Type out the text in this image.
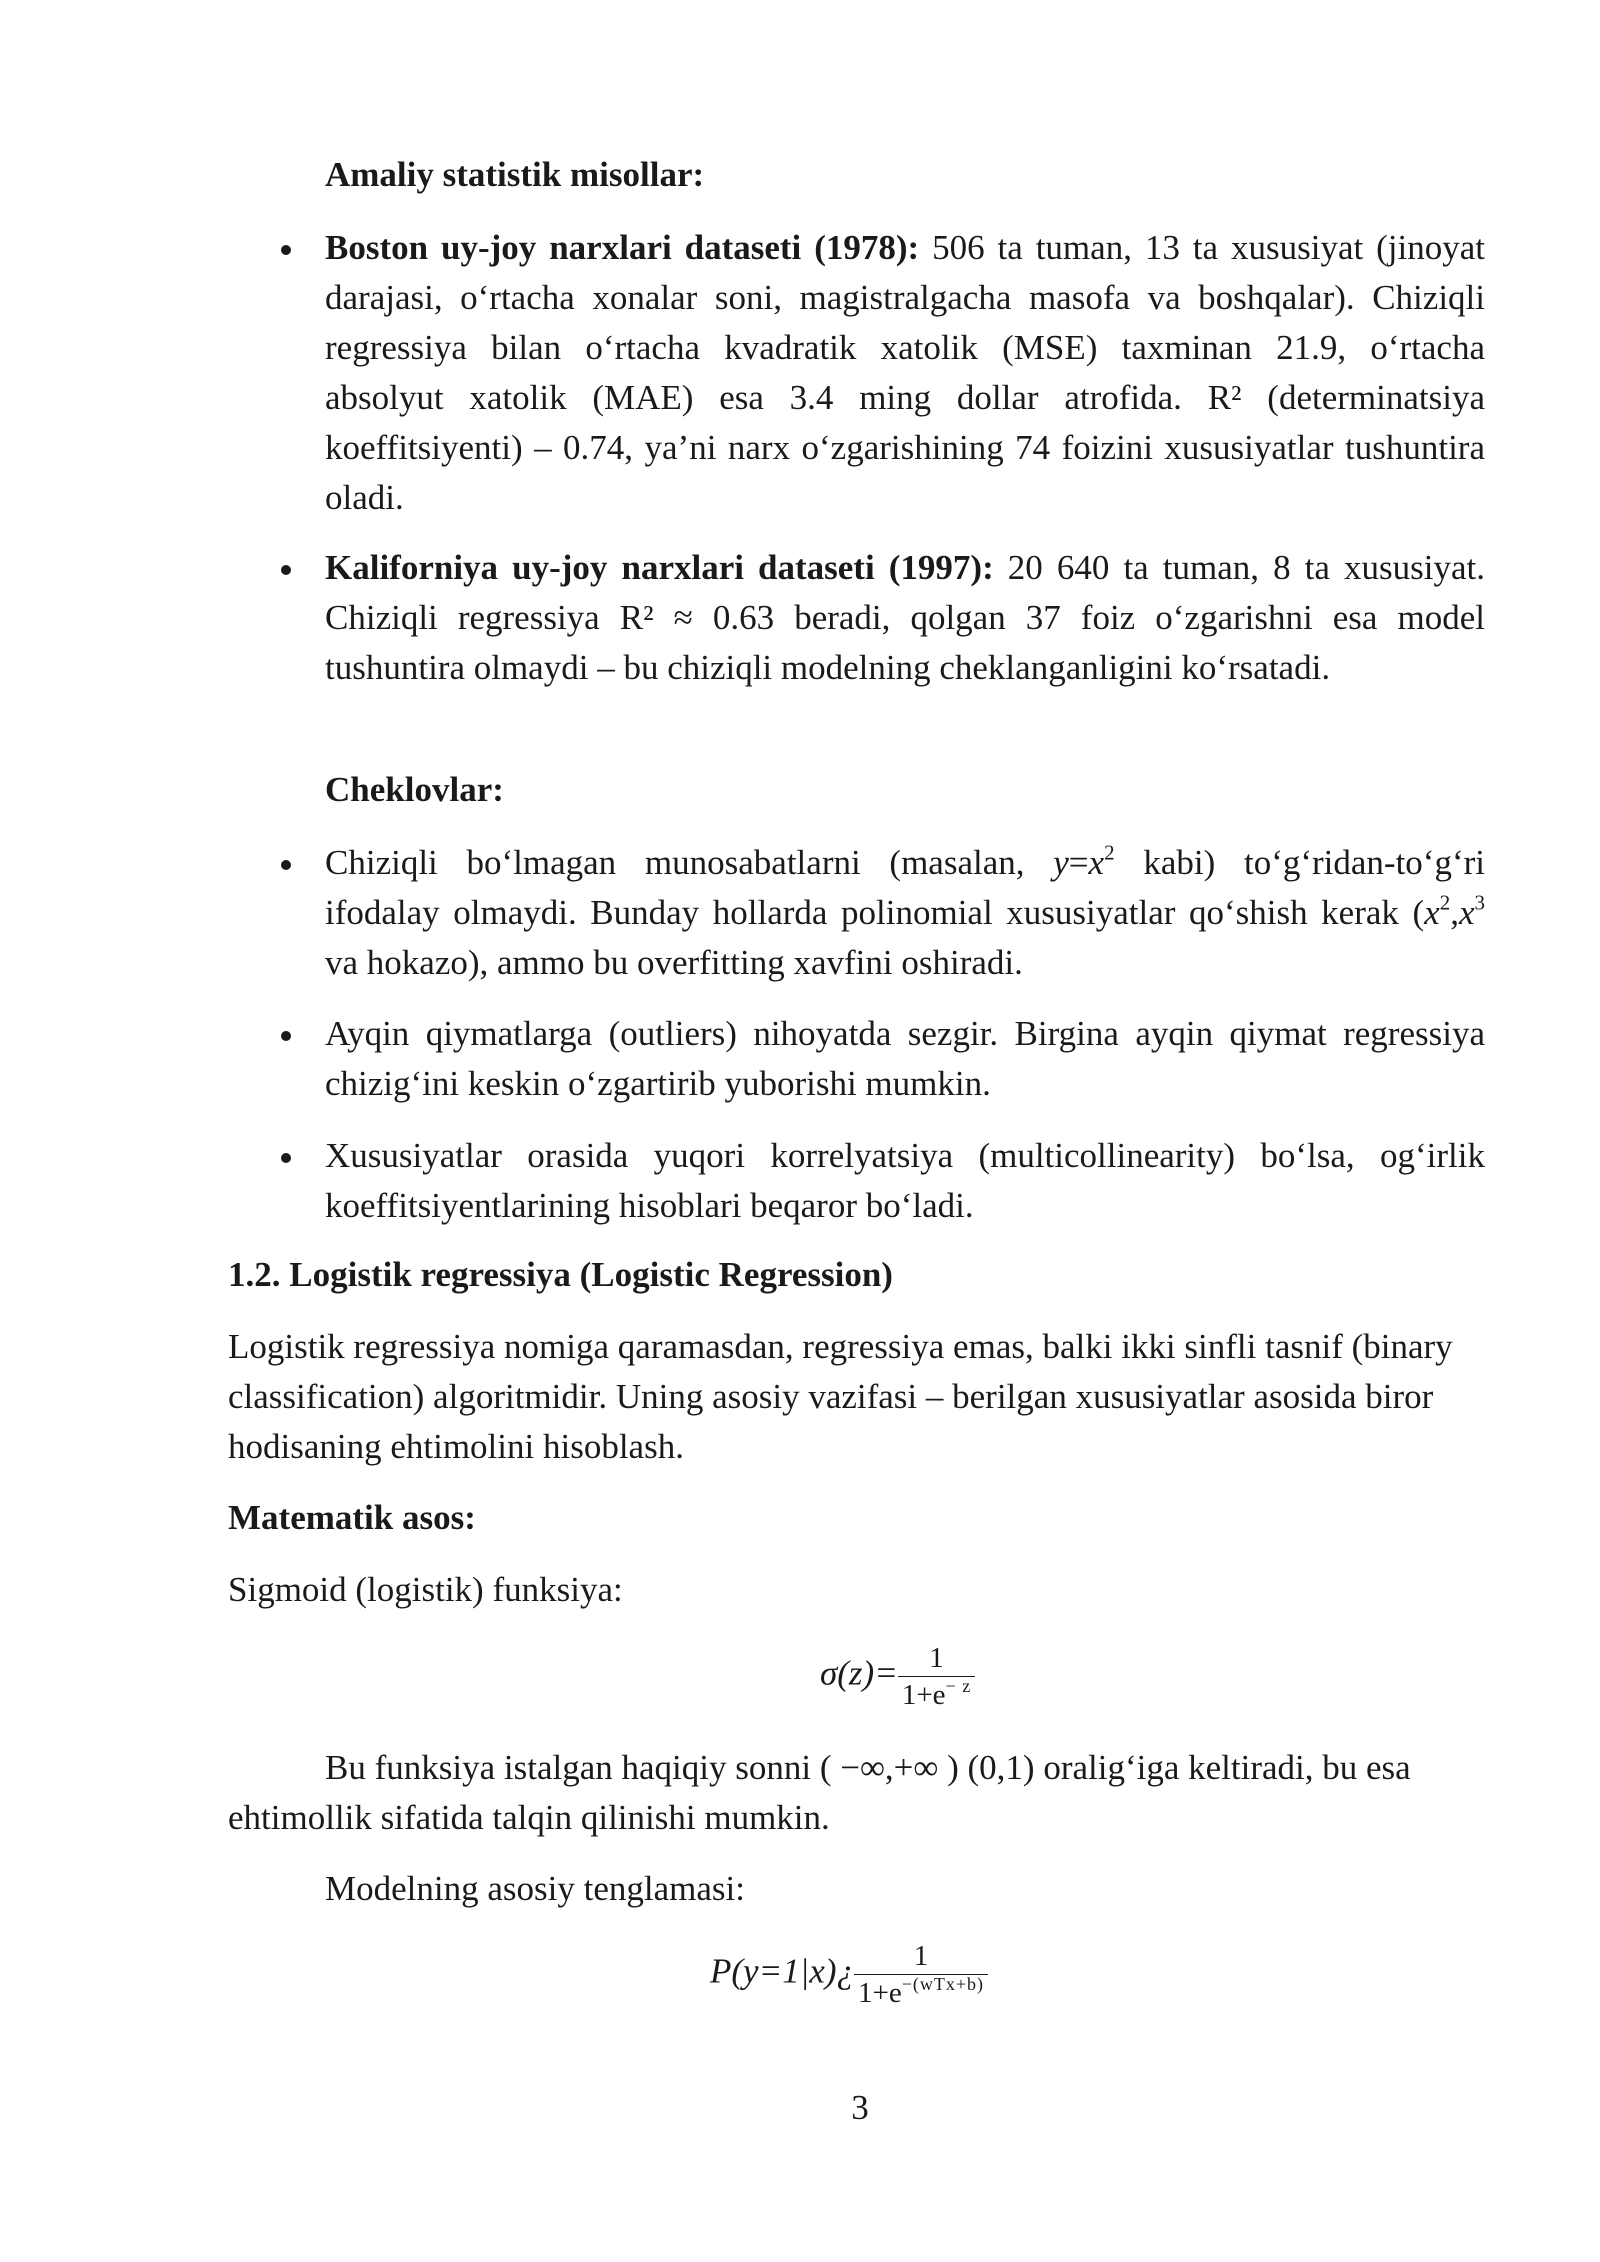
Amaliy statistik misollar:

Boston uy-joy narxlari dataseti (1978): 506 ta tuman, 13 ta xususiyat (jinoyat darajasi, o‘rtacha xonalar soni, magistralgacha masofa va boshqalar). Chiziqli regressiya bilan o‘rtacha kvadratik xatolik (MSE) taxminan 21.9, o‘rtacha absolyut xatolik (MAE) esa 3.4 ming dollar atrofida. R² (determinatsiya koeffitsiyenti) – 0.74, ya’ni narx o‘zgarishining 74 foizini xususiyatlar tushuntira oladi.

Kaliforniya uy-joy narxlari dataseti (1997): 20 640 ta tuman, 8 ta xususiyat. Chiziqli regressiya R² ≈ 0.63 beradi, qolgan 37 foiz o‘zgarishni esa model tushuntira olmaydi – bu chiziqli modelning cheklanganligini ko‘rsatadi.

Cheklovlar:

Chiziqli bo‘lmagan munosabatlarni (masalan, $y=x^2$ kabi) to‘g‘ridan-to‘g‘ri ifodalay olmaydi. Bunday hollarda polinomial xususiyatlar qo‘shish kerak ($x^2,x^3$ va hokazo), ammo bu overfitting xavfini oshiradi.

Ayqin qiymatlarga (outliers) nihoyatda sezgir. Birgina ayqin qiymat regressiya chizig‘ini keskin o‘zgartirib yuborishi mumkin.

Xususiyatlar orasida yuqori korrelyatsiya (multicollinearity) bo‘lsa, og‘irlik koeffitsiyentlarining hisoblari beqaror bo‘ladi.

1.2. Logistik regressiya (Logistic Regression)

Logistik regressiya nomiga qaramasdan, regressiya emas, balki ikki sinfli tasnif (binary classification) algoritmidir. Uning asosiy vazifasi – berilgan xususiyatlar asosida biror hodisaning ehtimolini hisoblash.

Matematik asos:
Sigmoid (logistik) funksiya:
$\sigma(z)= \frac{1}{1+e^{- z}}$

Bu funksiya istalgan haqiqiy sonni ( −∞,+∞ ) (0,1) oralig‘iga keltiradi, bu esa ehtimollik sifatida talqin qilinishi mumkin.

Modelning asosiy tenglamasi:
P(y=1|x)¿ $\frac{1}{1+e^{-(wTx+b)}}$
3
